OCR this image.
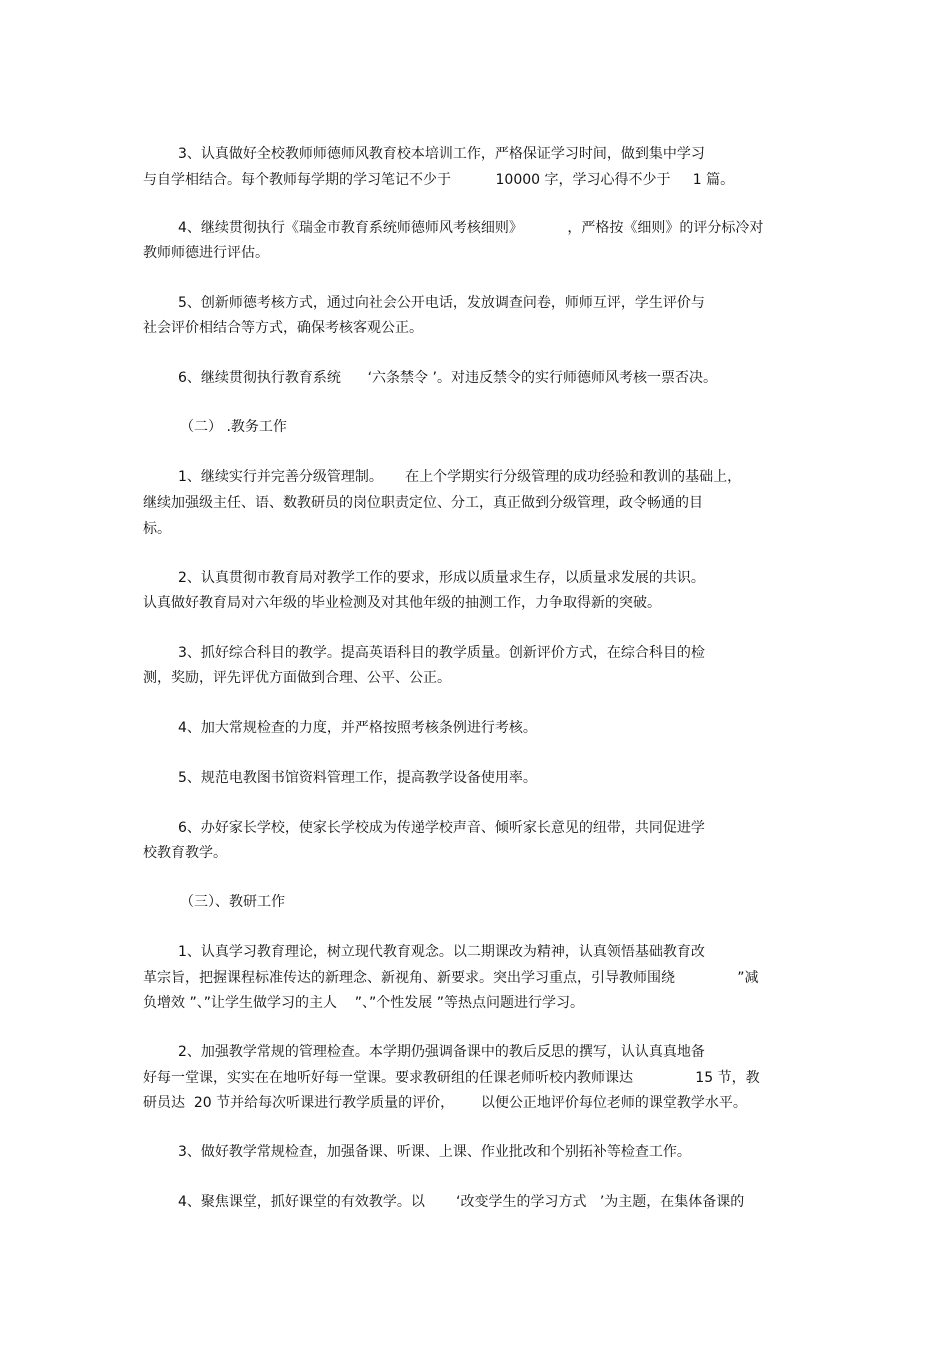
3、认真做好全校教师师德师风教育校本培训工作，严格保证学习时间，做到集中学习
与自学相结合。每个教师每学期的学习笔记不少于          10000 字，学习心得不少于     1 篇。
4、继续贯彻执行《瑞金市教育系统师德师风考核细则》          ，严格按《细则》的评分标冷对
教师师德进行评估。
5、创新师德考核方式，通过向社会公开电话，发放调查问卷，师师互评，学生评价与
社会评价相结合等方式，确保考核客观公正。
6、继续贯彻执行教育系统      ‘六条禁令 ’。对违反禁令的实行师德师风考核一票否决。
（二） .教务工作
1、继续实行并完善分级管理制。     在上个学期实行分级管理的成功经验和教训的基础上，
继续加强级主任、语、数教研员的岗位职责定位、分工，真正做到分级管理，政令畅通的目
标。
2、认真贯彻市教育局对教学工作的要求，形成以质量求生存，以质量求发展的共识。
认真做好教育局对六年级的毕业检测及对其他年级的抽测工作，力争取得新的突破。
3、抓好综合科目的教学。提高英语科目的教学质量。创新评价方式，在综合科目的检
测，奖励，评先评优方面做到合理、公平、公正。
4、加大常规检查的力度，并严格按照考核条例进行考核。
5、规范电教图书馆资料管理工作，提高教学设备使用率。
6、办好家长学校，使家长学校成为传递学校声音、倾听家长意见的纽带，共同促进学
校教育教学。
（三）、教研工作
1、认真学习教育理论，树立现代教育观念。以二期课改为精神，认真领悟基础教育改
革宗旨，把握课程标准传达的新理念、新视角、新要求。突出学习重点，引导教师围绕              ”减
负增效 ”、”让学生做学习的主人    ”、”个性发展 ”等热点问题进行学习。
2、加强教学常规的管理检查。本学期仍强调备课中的教后反思的撰写，认认真真地备
好每一堂课，实实在在地听好每一堂课。要求教研组的任课老师听校内教师课达              15 节，教
研员达  20 节并给每次听课进行教学质量的评价，      以便公正地评价每位老师的课堂教学水平。
3、做好教学常规检查，加强备课、听课、上课、作业批改和个别拓补等检查工作。
4、聚焦课堂，抓好课堂的有效教学。以       ‘改变学生的学习方式   ’为主题，在集体备课的
